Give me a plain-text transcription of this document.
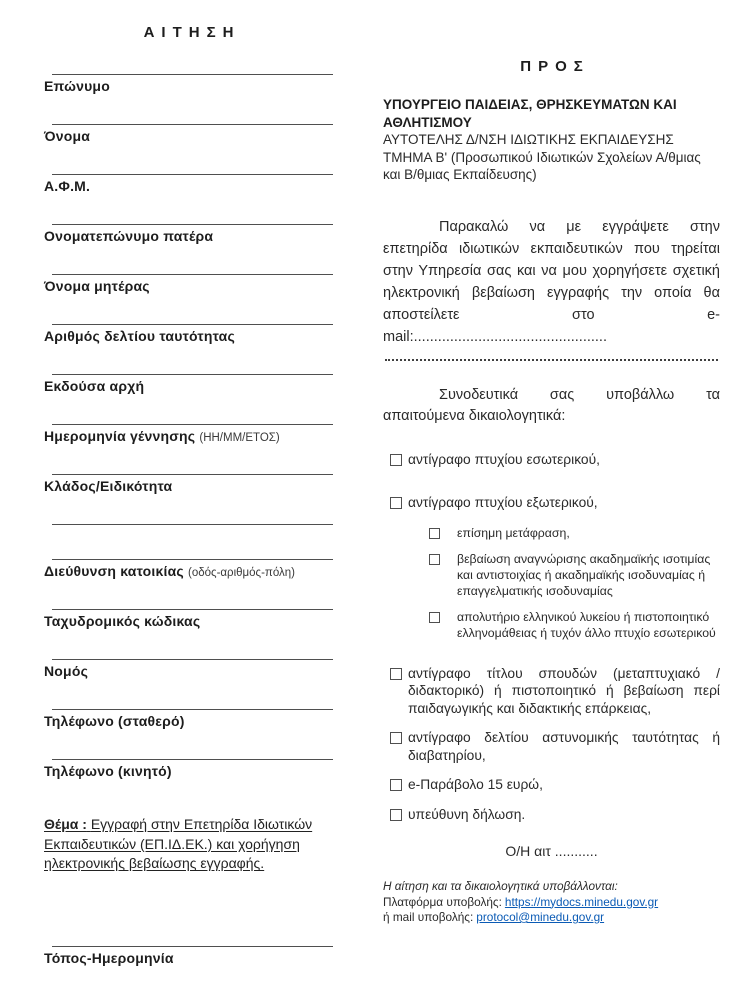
ΑΙΤΗΣΗ
Επώνυμο
Όνομα
Α.Φ.Μ.
Ονοματεπώνυμο πατέρα
Όνομα μητέρας
Αριθμός δελτίου ταυτότητας
Εκδούσα αρχή
Ημερομηνία γέννησης (ΗΗ/ΜΜ/ΕΤΟΣ)
Κλάδος/Ειδικότητα
Διεύθυνση κατοικίας (οδός-αριθμός-πόλη)
Ταχυδρομικός κώδικας
Νομός
Τηλέφωνο (σταθερό)
Τηλέφωνο (κινητό)
Θέμα : Εγγραφή στην Επετηρίδα Ιδιωτικών Εκπαιδευτικών (ΕΠ.ΙΔ.ΕΚ.) και χορήγηση ηλεκτρονικής βεβαίωσης εγγραφής.
Τόπος-Ημερομηνία
ΠΡΟΣ
ΥΠΟΥΡΓΕΙΟ ΠΑΙΔΕΙΑΣ, ΘΡΗΣΚΕΥΜΑΤΩΝ ΚΑΙ ΑΘΛΗΤΙΣΜΟΥ
ΑΥΤΟΤΕΛΗΣ Δ/ΝΣΗ ΙΔΙΩΤΙΚΗΣ ΕΚΠΑΙΔΕΥΣΗΣ
ΤΜΗΜΑ Β' (Προσωπικού Ιδιωτικών Σχολείων Α/θμιας και Β/θμιας Εκπαίδευσης)
Παρακαλώ να με εγγράψετε στην επετηρίδα ιδιωτικών εκπαιδευτικών που τηρείται στην Υπηρεσία σας και να μου χορηγήσετε σχετική ηλεκτρονική βεβαίωση εγγραφής την οποία θα αποστείλετε στο e-mail:................................................
Συνοδευτικά σας υποβάλλω τα απαιτούμενα δικαιολογητικά:
αντίγραφο πτυχίου εσωτερικού,
αντίγραφο πτυχίου εξωτερικού,
επίσημη μετάφραση,
βεβαίωση αναγνώρισης ακαδημαϊκής ισοτιμίας και αντιστοιχίας ή ακαδημαϊκής ισοδυναμίας ή επαγγελματικής ισοδυναμίας
απολυτήριο ελληνικού λυκείου ή πιστοποιητικό ελληνομάθειας ή τυχόν άλλο πτυχίο εσωτερικού
αντίγραφο τίτλου σπουδών (μεταπτυχιακό / διδακτορικό) ή πιστοποιητικό ή βεβαίωση περί παιδαγωγικής και διδακτικής επάρκειας,
αντίγραφο δελτίου αστυνομικής ταυτότητας ή διαβατηρίου,
e-Παράβολο 15 ευρώ,
υπεύθυνη δήλωση.
Ο/Η αιτ ...........
Η αίτηση και τα δικαιολογητικά υποβάλλονται:
Πλατφόρμα υποβολής: https://mydocs.minedu.gov.gr
ή mail υποβολής: protocol@minedu.gov.gr
